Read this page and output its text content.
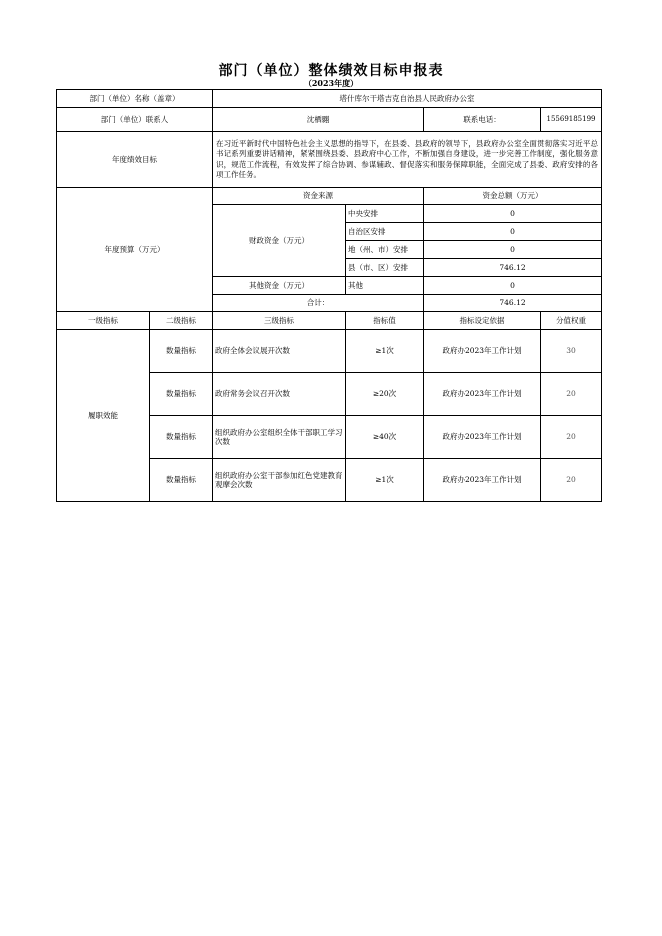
部门（单位）整体绩效目标申报表
（2023年度）
部门（单位）名称（盖章）		塔什库尔干塔吉克自治县人民政府办公室			
部门（单位）联系人		沈栖翾		联系电话：	15569185199
年度绩效目标		在习近平新时代中国特色社会主义思想的指导下，在县委、县政府的领导下，县政府办公室全面贯彻落实习近平总书记系列重要讲话精神，紧紧围绕县委、县政府中心工作，不断加强自身建设，进一步完善工作制度，强化服务意识，规范工作流程，有效发挥了综合协调、参谋辅政、督促落实和服务保障职能，全面完成了县委、政府安排的各项工作任务。			
年度预算（万元）		资金来源		资金总额（万元）	
		财政资金（万元）	中央安排	0	
			自治区安排	0	
			地（州、市）安排	0	
			县（市、区）安排	746.12	
		其他资金（万元）	其他	0	
		合计：		746.12	
一级指标	二级指标	三级指标	指标值	指标设定依据	分值权重
履职效能	数量指标	政府全体会议展开次数	≥1次	政府办2023年工作计划	30
	数量指标	政府常务会议召开次数	≥20次	政府办2023年工作计划	20
	数量指标	组织政府办公室组织全体干部职工学习次数	≥40次	政府办2023年工作计划	20
	数量指标	组织政府办公室干部参加红色党建教育观摩会次数	≥1次	政府办2023年工作计划	20
